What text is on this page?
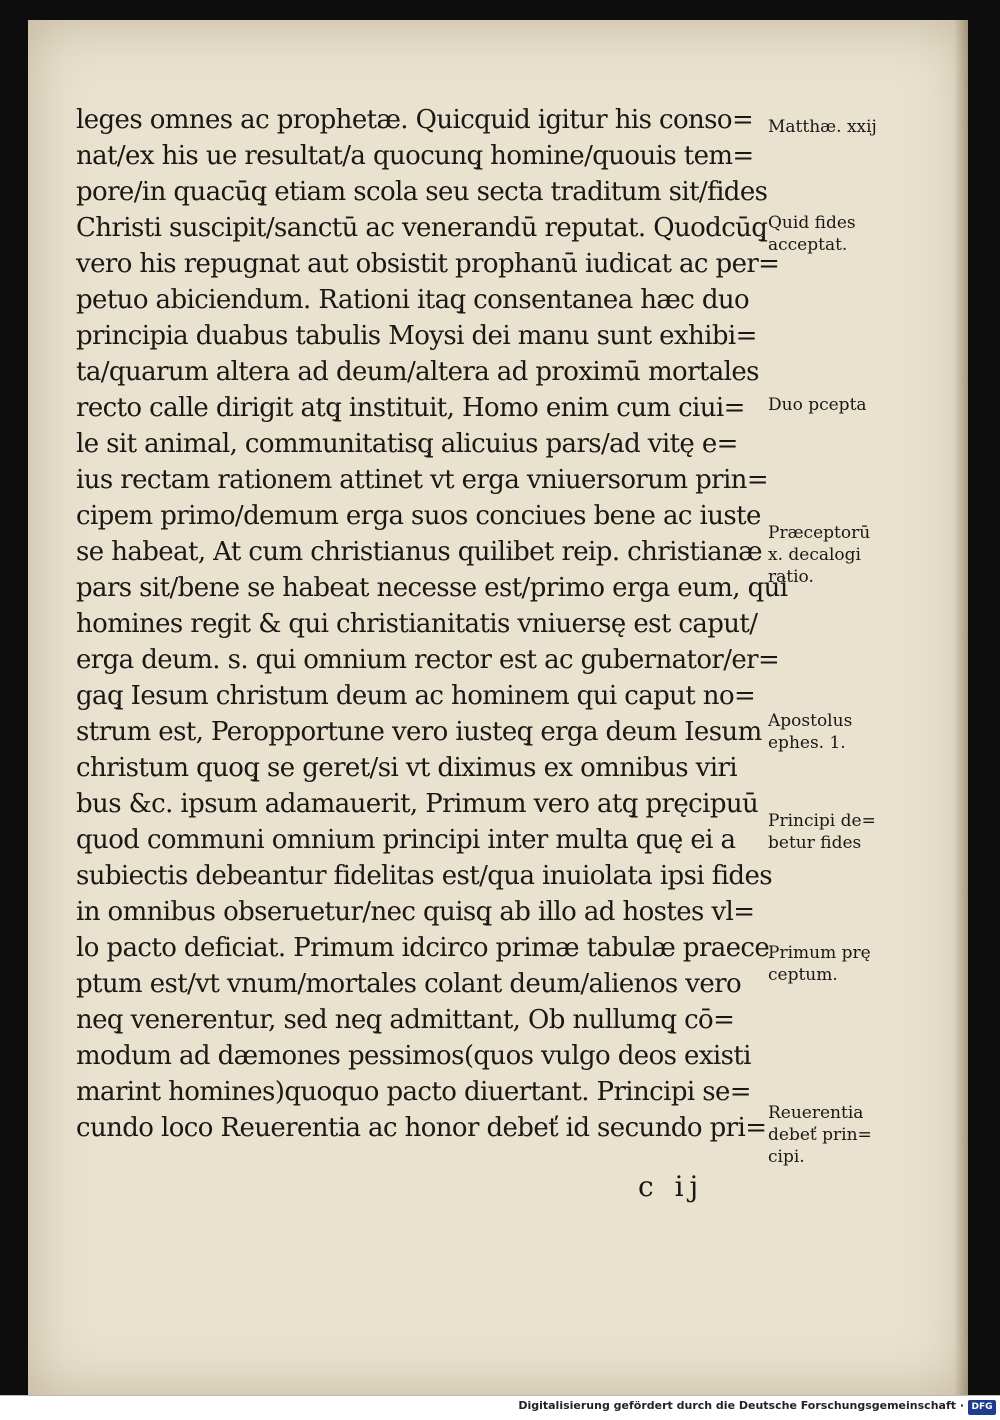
leges omnes ac prophetæ. Quicquid igitur his conso=
nat/ex his ue resultat/a quocunq̧ homine/quouis tem=
pore/in quacūq̧ etiam scola seu secta traditum sit/fides
Christi suscipit/sanctū ac venerandū reputat. Quodcūq̧
vero his repugnat aut obsistit prophanū iudicat ac per=
petuo abiciendum. Rationi itaq̧ consentanea hæc duo
principia duabus tabulis Moysi dei manu sunt exhibi=
ta/quarum altera ad deum/altera ad proximū mortales
recto calle dirigit atq̧ instituit, Homo enim cum ciui=
le sit animal, communitatisq̧ alicuius pars/ad vitę e=
ius rectam rationem attinet vt erga vniuersorum prin=
cipem primo/demum erga suos conciues bene ac iuste
se habeat, At cum christianus quilibet reip. christianæ
pars sit/bene se habeat necesse est/primo erga eum, qui
homines regit & qui christianitatis vniuersę est caput/
erga deum. s. qui omnium rector est ac gubernator/er=
gaq̧ Iesum christum deum ac hominem qui caput no=
strum est, Peropportune vero iusteq̧ erga deum Iesum
christum quoq̧ se geret/si vt diximus ex omnibus viri
bus &c. ipsum adamauerit, Primum vero atq̧ pręcipuū
quod communi omnium principi inter multa quę ei a
subiectis debeantur fidelitas est/qua inuiolata ipsi fides
in omnibus obseruetur/nec quisq̧ ab illo ad hostes vl=
lo pacto deficiat. Primum idcirco primæ tabulæ praece
ptum est/vt vnum/mortales colant deum/alienos vero
neq̧ venerentur, sed neq̧ admittant, Ob nullumq̧ cō=
modum ad dæmones pessimos(quos vulgo deos existi
marint homines)quoquo pacto diuertant. Principi se=
cundo loco Reuerentia ac honor debeť id secundo pri=
c ij
Matthæ. xxij
Quid fides
acceptat.
Duo pcepta
Præceptorū
x. decalogi
ratio.
Apostolus
ephes. 1.
Principi de=
betur fides
Primum prę
ceptum.
Reuerentia
debeť prin=
cipi.
Digitalisierung gefördert durch die Deutsche Forschungsgemeinschaft · DFG
